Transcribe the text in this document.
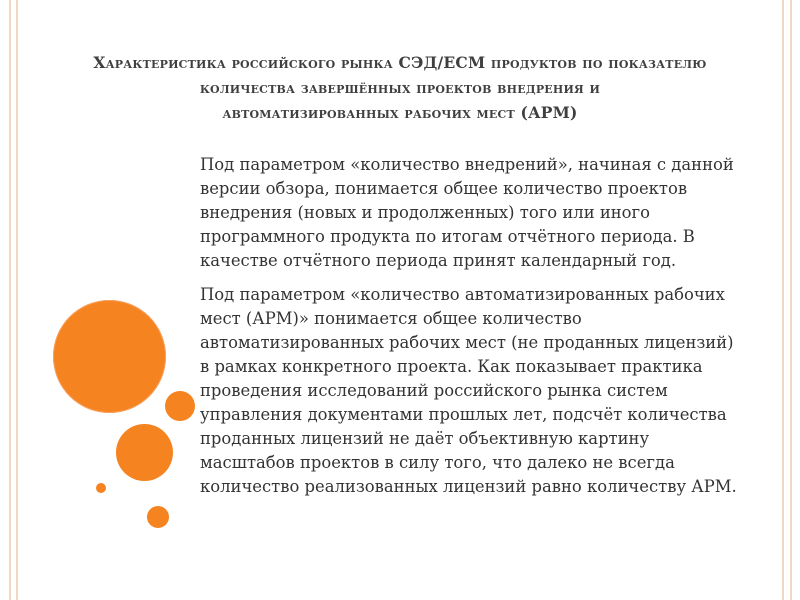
Характеристика российского рынка СЭД/ECM продуктов по показателю
количества завершённых проектов внедрения и
автоматизированных рабочих мест (АРМ)

Под параметром «количество внедрений», начиная с данной версии обзора, понимается общее количество проектов внедрения (новых и продолженных) того или иного программного продукта по итогам отчётного периода. В качестве отчётного периода принят календарный год.

Под параметром «количество автоматизированных рабочих мест (АРМ)» понимается общее количество автоматизированных рабочих мест (не проданных лицензий) в рамках конкретного проекта. Как показывает практика проведения исследований российского рынка систем управления документами прошлых лет, подсчёт количества проданных лицензий не даёт объективную картину масштабов проектов в силу того, что далеко не всегда количество реализованных лицензий равно количеству АРМ.
